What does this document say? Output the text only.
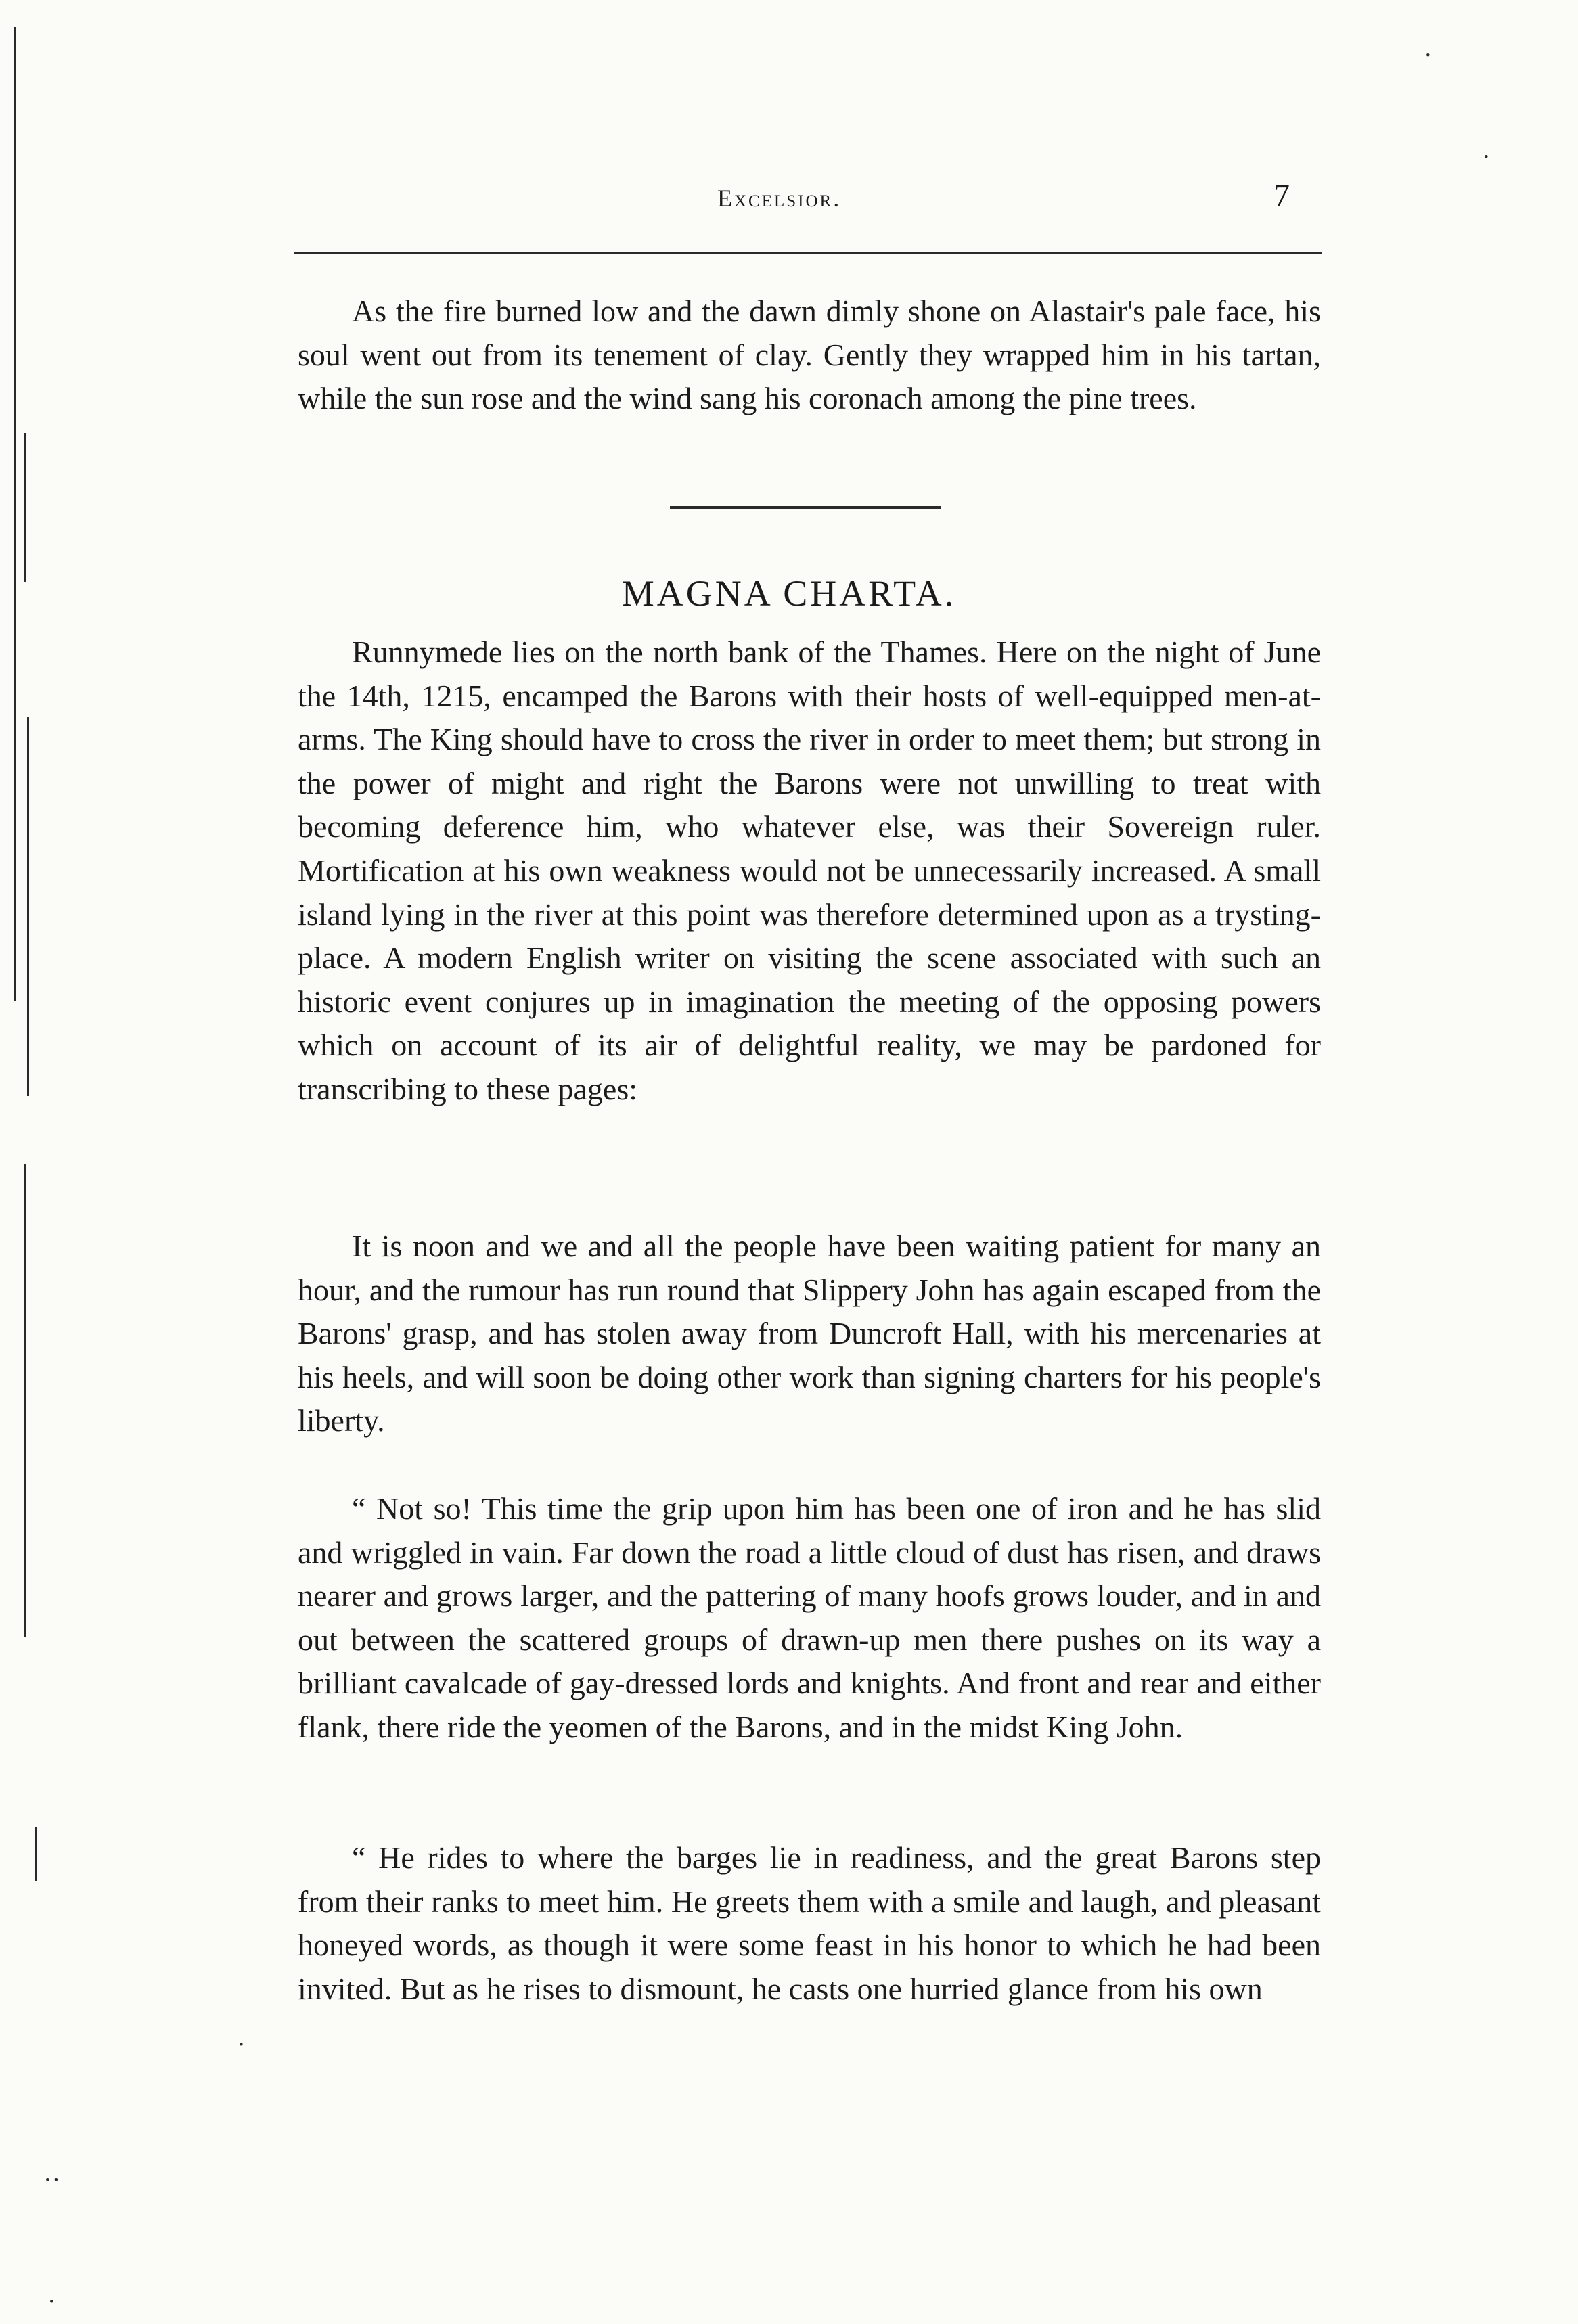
·
·
·
··
·
Excelsior.	7

As the fire burned low and the dawn dimly shone on Alastair's pale face, his soul went out from its tenement of clay. Gently they wrapped him in his tartan, while the sun rose and the wind sang his coronach among the pine trees.

MAGNA CHARTA.

Runnymede lies on the north bank of the Thames. Here on the night of June the 14th, 1215, encamped the Barons with their hosts of well-equipped men-at-arms. The King should have to cross the river in order to meet them; but strong in the power of might and right the Barons were not unwilling to treat with becoming deference him, who whatever else, was their Sovereign ruler. Mortification at his own weakness would not be unnecessarily increased. A small island lying in the river at this point was therefore determined upon as a trysting-place. A modern English writer on visiting the scene associated with such an historic event conjures up in imagination the meeting of the opposing powers which on account of its air of delightful reality, we may be pardoned for transcribing to these pages:

It is noon and we and all the people have been waiting patient for many an hour, and the rumour has run round that Slippery John has again escaped from the Barons' grasp, and has stolen away from Duncroft Hall, with his mercenaries at his heels, and will soon be doing other work than signing charters for his people's liberty.

“ Not so! This time the grip upon him has been one of iron and he has slid and wriggled in vain. Far down the road a little cloud of dust has risen, and draws nearer and grows larger, and the pattering of many hoofs grows louder, and in and out between the scattered groups of drawn-up men there pushes on its way a brilliant cavalcade of gay-dressed lords and knights. And front and rear and either flank, there ride the yeomen of the Barons, and in the midst King John.

“ He rides to where the barges lie in readiness, and the great Barons step from their ranks to meet him. He greets them with a smile and laugh, and pleasant honeyed words, as though it were some feast in his honor to which he had been invited. But as he rises to dismount, he casts one hurried glance from his own
